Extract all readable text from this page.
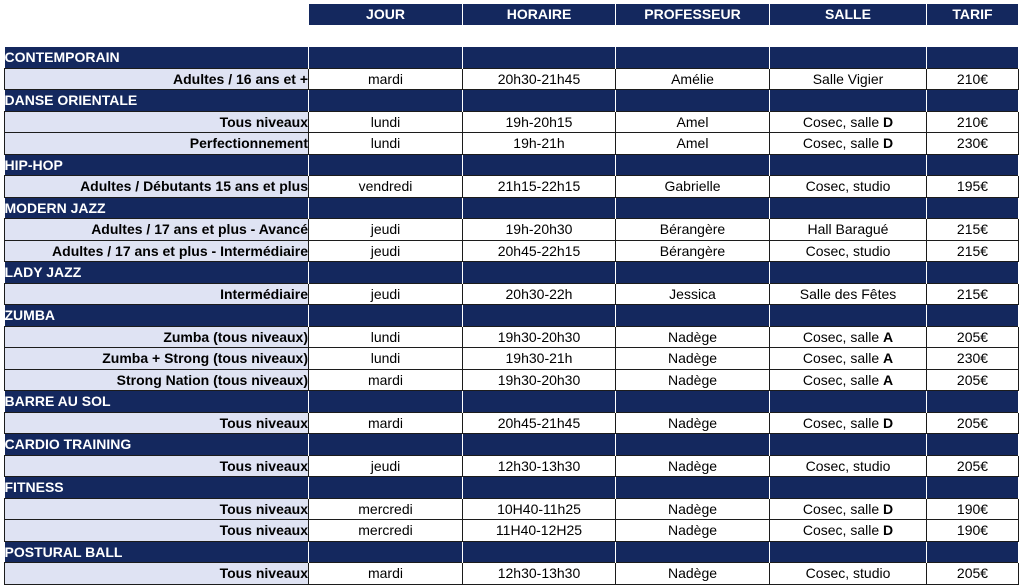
	JOUR	HORAIRE	PROFESSEUR	SALLE	TARIF

CONTEMPORAIN					
Adultes / 16 ans et +	mardi	20h30-21h45	Amélie	Salle Vigier	210€
DANSE ORIENTALE					
Tous niveaux	lundi	19h-20h15	Amel	Cosec, salle D	210€
Perfectionnement	lundi	19h-21h	Amel	Cosec, salle D	230€
HIP-HOP					
Adultes / Débutants 15 ans et plus	vendredi	21h15-22h15	Gabrielle	Cosec, studio	195€
MODERN JAZZ					
Adultes / 17 ans et plus - Avancé	jeudi	19h-20h30	Bérangère	Hall Baragué	215€
Adultes / 17 ans et plus - Intermédiaire	jeudi	20h45-22h15	Bérangère	Cosec, studio	215€
LADY JAZZ					
Intermédiaire	jeudi	20h30-22h	Jessica	Salle des Fêtes	215€
ZUMBA					
Zumba (tous niveaux)	lundi	19h30-20h30	Nadège	Cosec, salle A	205€
Zumba + Strong (tous niveaux)	lundi	19h30-21h	Nadège	Cosec, salle A	230€
Strong Nation (tous niveaux)	mardi	19h30-20h30	Nadège	Cosec, salle A	205€
BARRE AU SOL					
Tous niveaux	mardi	20h45-21h45	Nadège	Cosec, salle D	205€
CARDIO TRAINING					
Tous niveaux	jeudi	12h30-13h30	Nadège	Cosec, studio	205€
FITNESS					
Tous niveaux	mercredi	10H40-11h25	Nadège	Cosec, salle D	190€
Tous niveaux	mercredi	11H40-12H25	Nadège	Cosec, salle D	190€
POSTURAL BALL					
Tous niveaux	mardi	12h30-13h30	Nadège	Cosec, studio	205€
